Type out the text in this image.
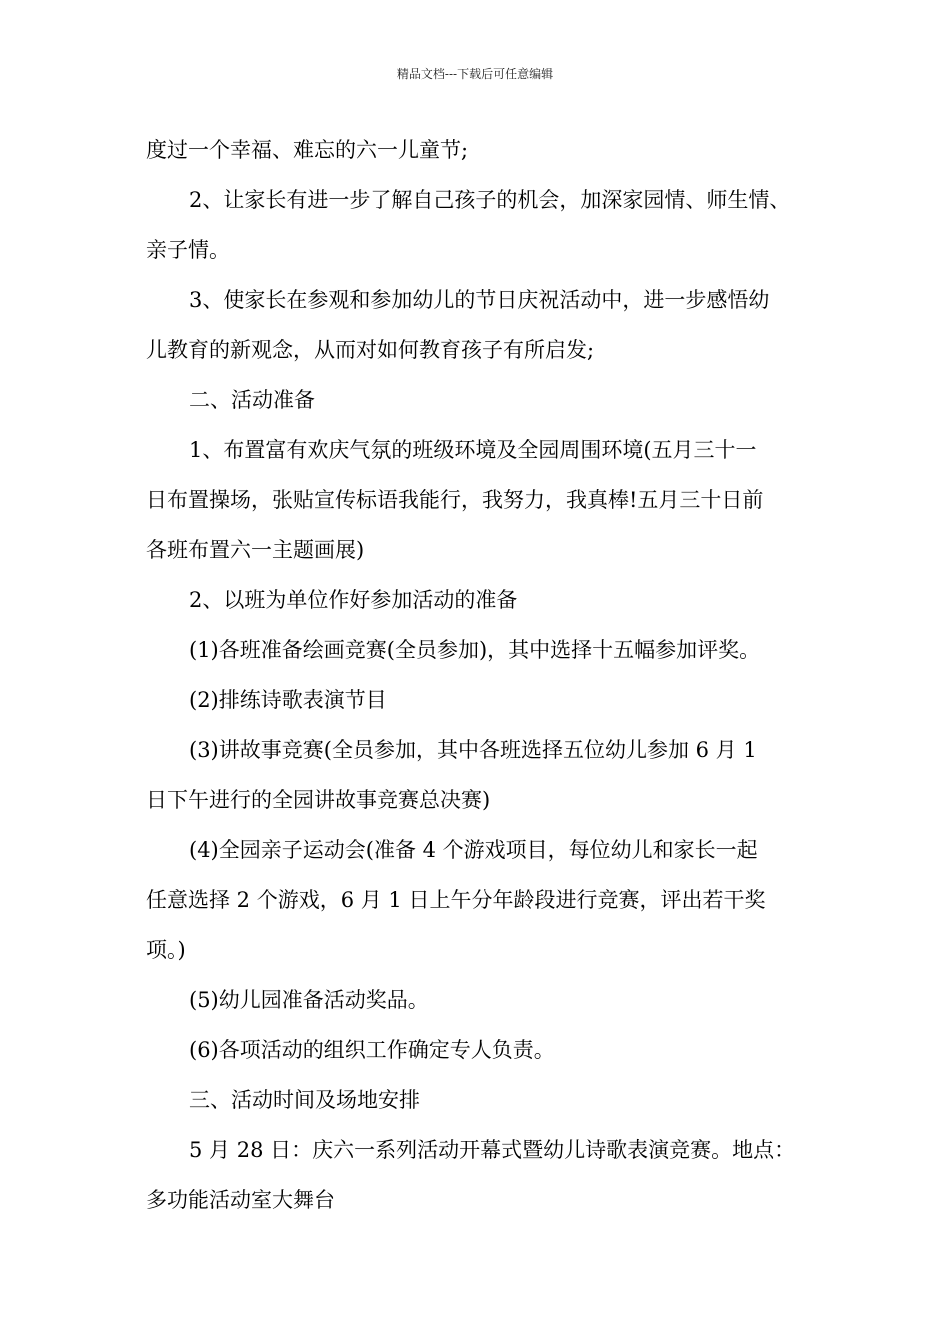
精品文档---下载后可任意编辑
度过一个幸福、难忘的六一儿童节;
2、让家长有进一步了解自己孩子的机会，加深家园情、师生情、
亲子情。
3、使家长在参观和参加幼儿的节日庆祝活动中，进一步感悟幼
儿教育的新观念，从而对如何教育孩子有所启发;
二、活动准备
1、布置富有欢庆气氛的班级环境及全园周围环境(五月三十一
日布置操场，张贴宣传标语我能行，我努力，我真棒!五月三十日前
各班布置六一主题画展)
2、以班为单位作好参加活动的准备
(1)各班准备绘画竞赛(全员参加)，其中选择十五幅参加评奖。
(2)排练诗歌表演节目
(3)讲故事竞赛(全员参加，其中各班选择五位幼儿参加 6 月 1
日下午进行的全园讲故事竞赛总决赛)
(4)全园亲子运动会(准备 4 个游戏项目，每位幼儿和家长一起
任意选择 2 个游戏，6 月 1 日上午分年龄段进行竞赛，评出若干奖
项。)
(5)幼儿园准备活动奖品。
(6)各项活动的组织工作确定专人负责。
三、活动时间及场地安排
5 月 28 日：庆六一系列活动开幕式暨幼儿诗歌表演竞赛。地点：
多功能活动室大舞台
